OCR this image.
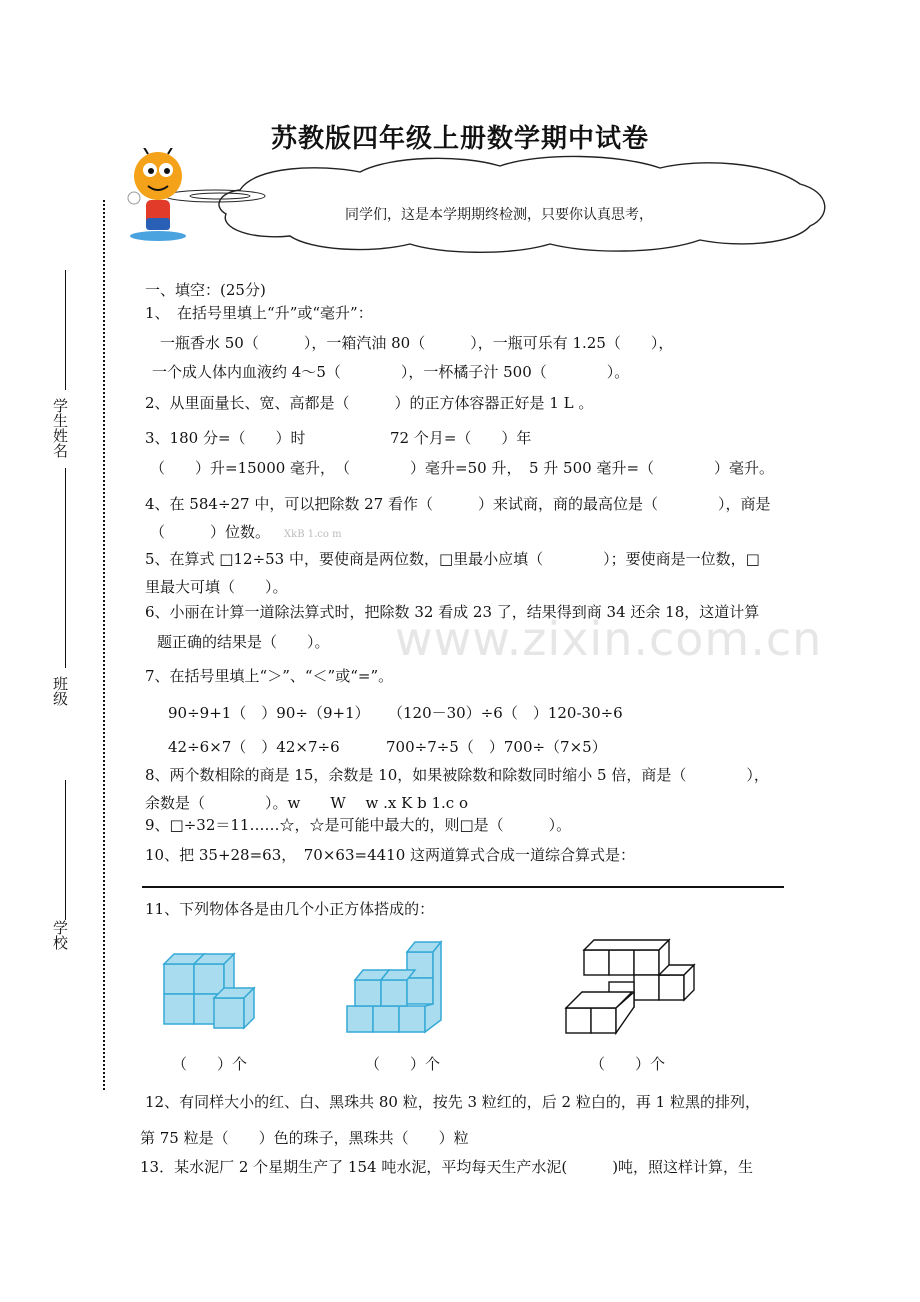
www.zixin.com.cn
苏教版四年级上册数学期中试卷
同学们，这是本学期期终检测，只要你认真思考，
学生姓名
班级
学校
一、填空：(25分)
1、　在括号里填上“升”或“毫升”：
一瓶香水 50（　　　），一箱汽油 80（　　　），一瓶可乐有 1.25（　　），
一个成人体内血液约 4～5（　　　　），一杯橘子汁 500（　　　　）。
2、从里面量长、宽、高都是（　　　）的正方体容器正好是 1 L 。
3、180 分=（　　）时	72 个月=（　　）年
（　　）升=15000 毫升，　（　　　　）毫升=50 升，　5 升 500 毫升=（　　　　）毫升。
4、在 584÷27 中，可以把除数 27 看作（　　　）来试商，商的最高位是（　　　　），商是
（　　　）位数。 XkB 1.co m
5、在算式 □12÷53 中，要使商是两位数，□里最小应填（　　　　）；要使商是一位数，□
里最大可填（　　）。
6、小丽在计算一道除法算式时，把除数 32 看成 23 了，结果得到商 34 还余 18，这道计算
题正确的结果是（　　）。
7、在括号里填上“＞”、“＜”或“=”。
90÷9+1（　）90÷（9+1） （120－30）÷6（　）120-30÷6
42÷6×7（　）42×7÷6	700÷7÷5（　）700÷（7×5）
8、两个数相除的商是 15，余数是 10，如果被除数和除数同时缩小 5 倍，商是（　　　　），
余数是（　　　　）。w　　W　 w .x K b 1.c o
9、□÷32＝11……☆，☆是可能中最大的，则□是（　　　）。
10、把 35+28=63，　70×63=4410 这两道算式合成一道综合算式是：
11、下列物体各是由几个小正方体搭成的：
（　　）个	（　　）个	（　　）个
12、有同样大小的红、白、黑珠共 80 粒，按先 3 粒红的，后 2 粒白的，再 1 粒黑的排列，
第 75 粒是（　　）色的珠子，黑珠共（　　）粒
13．某水泥厂 2 个星期生产了 154 吨水泥，平均每天生产水泥(　　　)吨，照这样计算，生
